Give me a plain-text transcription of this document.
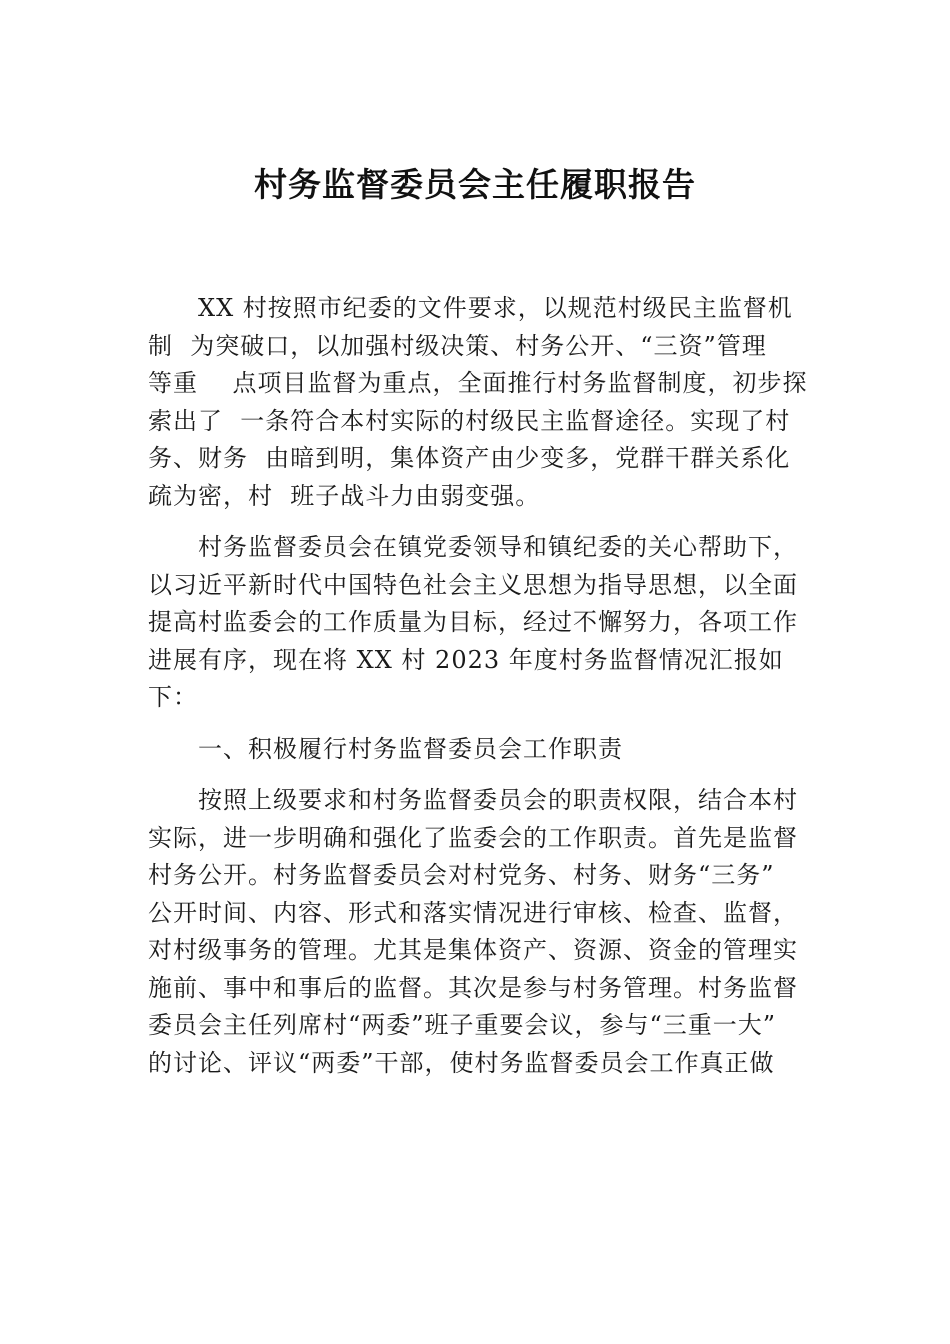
村务监督委员会主任履职报告
XX 村按照市纪委的文件要求，以规范村级民主监督机
制  为突破口，以加强村级决策、村务公开、“三资”管理
等重    点项目监督为重点，全面推行村务监督制度，初步探
索出了  一条符合本村实际的村级民主监督途径。实现了村
务、财务  由暗到明，集体资产由少变多，党群干群关系化
疏为密，村  班子战斗力由弱变强。
村务监督委员会在镇党委领导和镇纪委的关心帮助下，
以习近平新时代中国特色社会主义思想为指导思想，以全面
提高村监委会的工作质量为目标，经过不懈努力，各项工作
进展有序，现在将 XX 村 2023 年度村务监督情况汇报如
下：
一、积极履行村务监督委员会工作职责
按照上级要求和村务监督委员会的职责权限，结合本村
实际，进一步明确和强化了监委会的工作职责。首先是监督
村务公开。村务监督委员会对村党务、村务、财务“三务”
公开时间、内容、形式和落实情况进行审核、检查、监督，
对村级事务的管理。尤其是集体资产、资源、资金的管理实
施前、事中和事后的监督。其次是参与村务管理。村务监督
委员会主任列席村“两委”班子重要会议，参与“三重一大”
的讨论、评议“两委”干部，使村务监督委员会工作真正做
